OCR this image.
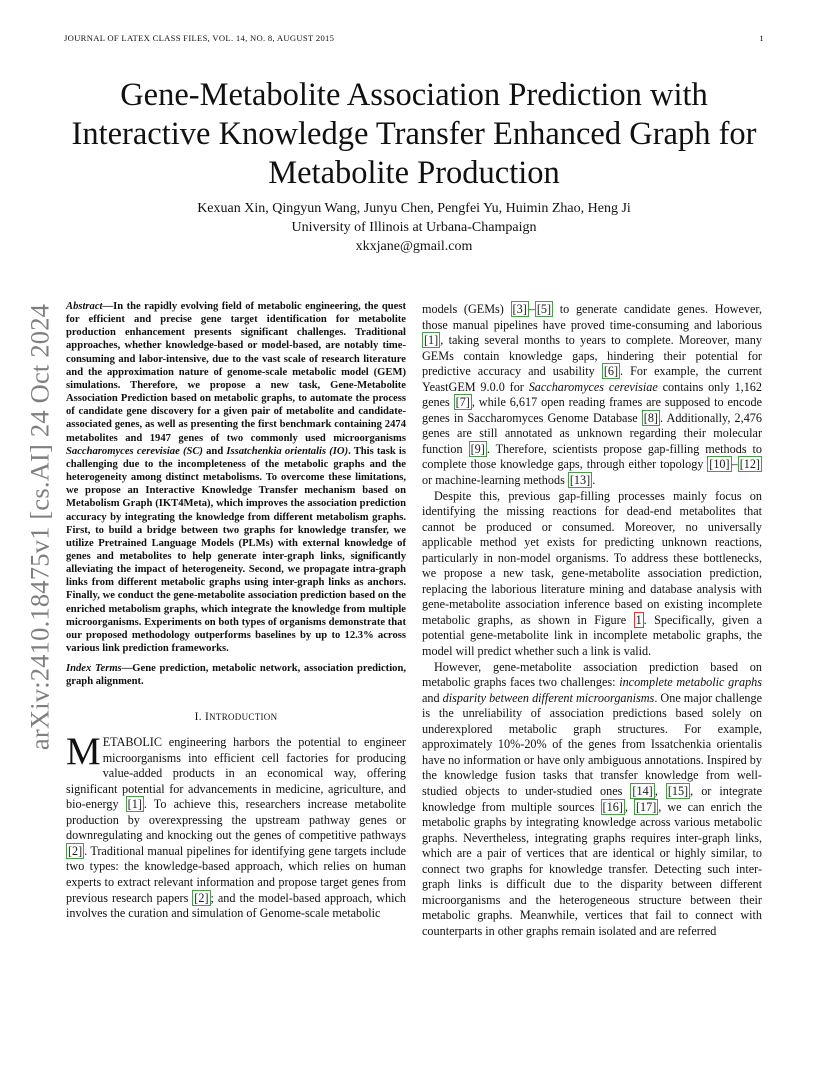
JOURNAL OF LATEX CLASS FILES, VOL. 14, NO. 8, AUGUST 2015	1
Gene-Metabolite Association Prediction with
Interactive Knowledge Transfer Enhanced Graph for
Metabolite Production
Kexuan Xin, Qingyun Wang, Junyu Chen, Pengfei Yu, Huimin Zhao, Heng Ji
University of Illinois at Urbana-Champaign
xkxjane@gmail.com
arXiv:2410.18475v1 [cs.AI] 24 Oct 2024 Abstract—In the rapidly evolving field of metabolic engineering, the quest for efficient and precise gene target identification for metabolite production enhancement presents significant challenges. Traditional approaches, whether knowledge-based or model-based, are notably time-consuming and labor-intensive, due to the vast scale of research literature and the approximation nature of genome-scale metabolic model (GEM) simulations. Therefore, we propose a new task, Gene-Metabolite Association Prediction based on metabolic graphs, to automate the process of candidate gene discovery for a given pair of metabolite and candidate-associated genes, as well as presenting the first benchmark containing 2474 metabolites and 1947 genes of two commonly used microorganisms Saccharomyces cerevisiae (SC) and Issatchenkia orientalis (IO). This task is challenging due to the incompleteness of the metabolic graphs and the heterogeneity among distinct metabolisms. To overcome these limitations, we propose an Interactive Knowledge Transfer mechanism based on Metabolism Graph (IKT4Meta), which improves the association prediction accuracy by integrating the knowledge from different metabolism graphs. First, to build a bridge between two graphs for knowledge transfer, we utilize Pretrained Language Models (PLMs) with external knowledge of genes and metabolites to help generate inter-graph links, significantly alleviating the impact of heterogeneity. Second, we propagate intra-graph links from different metabolic graphs using inter-graph links as anchors. Finally, we conduct the gene-metabolite association prediction based on the enriched metabolism graphs, which integrate the knowledge from multiple microorganisms. Experiments on both types of organisms demonstrate that our proposed methodology outperforms baselines by up to 12.3% across various link prediction frameworks.
Index Terms—Gene prediction, metabolic network, association prediction, graph alignment.
I. INTRODUCTION
METABOLIC engineering harbors the potential to engineer microorganisms into efficient cell factories for producing value-added products in an economical way, offering significant potential for advancements in medicine, agriculture, and bio-energy [1] . To achieve this, researchers increase metabolite production by overexpressing the upstream pathway genes or downregulating and knocking out the genes of competitive pathways [2] . Traditional manual pipelines for identifying gene targets include two types: the knowledge-based approach, which relies on human experts to extract relevant information and propose target genes from previous research papers [2] ; and the model-based approach, which involves the curation and simulation of Genome-scale metabolic
models (GEMs) [3] – [5] to generate candidate genes. However, those manual pipelines have proved time-consuming and laborious [1] , taking several months to years to complete. Moreover, many GEMs contain knowledge gaps, hindering their potential for predictive accuracy and usability [6] . For example, the current YeastGEM 9.0.0 for Saccharomyces cerevisiae contains only 1,162 genes [7] , while 6,617 open reading frames are supposed to encode genes in Saccharomyces Genome Database [8] . Additionally, 2,476 genes are still annotated as unknown regarding their molecular function [9] . Therefore, scientists propose gap-filling methods to complete those knowledge gaps, through either topology [10] – [12] or machine-learning methods [13] .
Despite this, previous gap-filling processes mainly focus on identifying the missing reactions for dead-end metabolites that cannot be produced or consumed. Moreover, no universally applicable method yet exists for predicting unknown reactions, particularly in non-model organisms. To address these bottlenecks, we propose a new task, gene-metabolite association prediction, replacing the laborious literature mining and database analysis with gene-metabolite association inference based on existing incomplete metabolic graphs, as shown in Figure 1 . Specifically, given a potential gene-metabolite link in incomplete metabolic graphs, the model will predict whether such a link is valid.
However, gene-metabolite association prediction based on metabolic graphs faces two challenges: incomplete metabolic graphs and disparity between different microorganisms. One major challenge is the unreliability of association predictions based solely on underexplored metabolic graph structures. For example, approximately 10%-20% of the genes from Issatchenkia orientalis have no information or have only ambiguous annotations. Inspired by the knowledge fusion tasks that transfer knowledge from well-studied objects to under-studied ones [14] , [15] , or integrate knowledge from multiple sources [16] , [17] , we can enrich the metabolic graphs by integrating knowledge across various metabolic graphs. Nevertheless, integrating graphs requires inter-graph links, which are a pair of vertices that are identical or highly similar, to connect two graphs for knowledge transfer. Detecting such inter-graph links is difficult due to the disparity between different microorganisms and the heterogeneous structure between their metabolic graphs. Meanwhile, vertices that fail to connect with counterparts in other graphs remain isolated and are referred
